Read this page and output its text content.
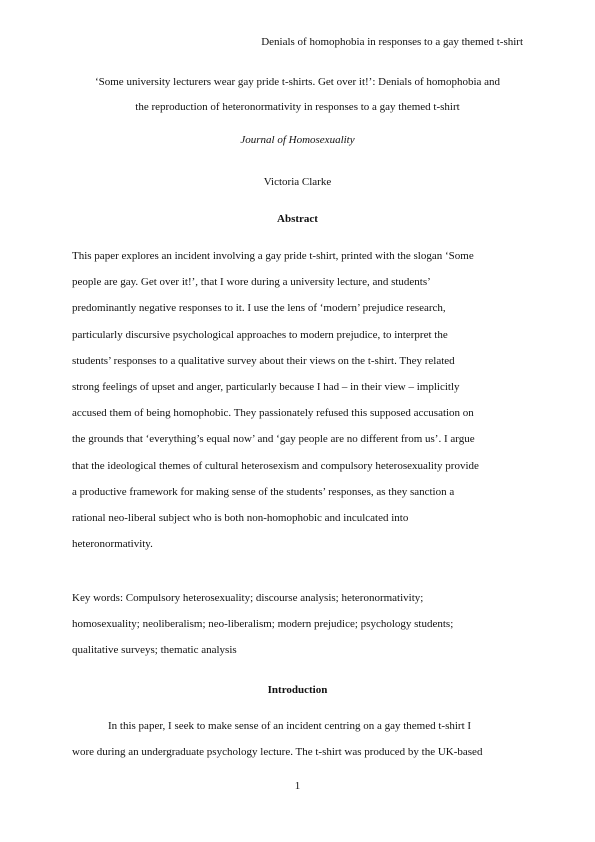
Denials of homophobia in responses to a gay themed t-shirt
‘Some university lecturers wear gay pride t-shirts. Get over it!’: Denials of homophobia and
the reproduction of heteronormativity in responses to a gay themed t-shirt
Journal of Homosexuality
Victoria Clarke
Abstract
This paper explores an incident involving a gay pride t-shirt, printed with the slogan ‘Some
people are gay. Get over it!’, that I wore during a university lecture, and students’
predominantly negative responses to it. I use the lens of ‘modern’ prejudice research,
particularly discursive psychological approaches to modern prejudice, to interpret the
students’ responses to a qualitative survey about their views on the t-shirt. They related
strong feelings of upset and anger, particularly because I had – in their view – implicitly
accused them of being homophobic. They passionately refused this supposed accusation on
the grounds that ‘everything’s equal now’ and ‘gay people are no different from us’. I argue
that the ideological themes of cultural heterosexism and compulsory heterosexuality provide
a productive framework for making sense of the students’ responses, as they sanction a
rational neo-liberal subject who is both non-homophobic and inculcated into
heteronormativity.
Key words: Compulsory heterosexuality; discourse analysis; heteronormativity;
homosexuality; neoliberalism; neo-liberalism; modern prejudice; psychology students;
qualitative surveys; thematic analysis
Introduction
In this paper, I seek to make sense of an incident centring on a gay themed t-shirt I
wore during an undergraduate psychology lecture. The t-shirt was produced by the UK-based
1
